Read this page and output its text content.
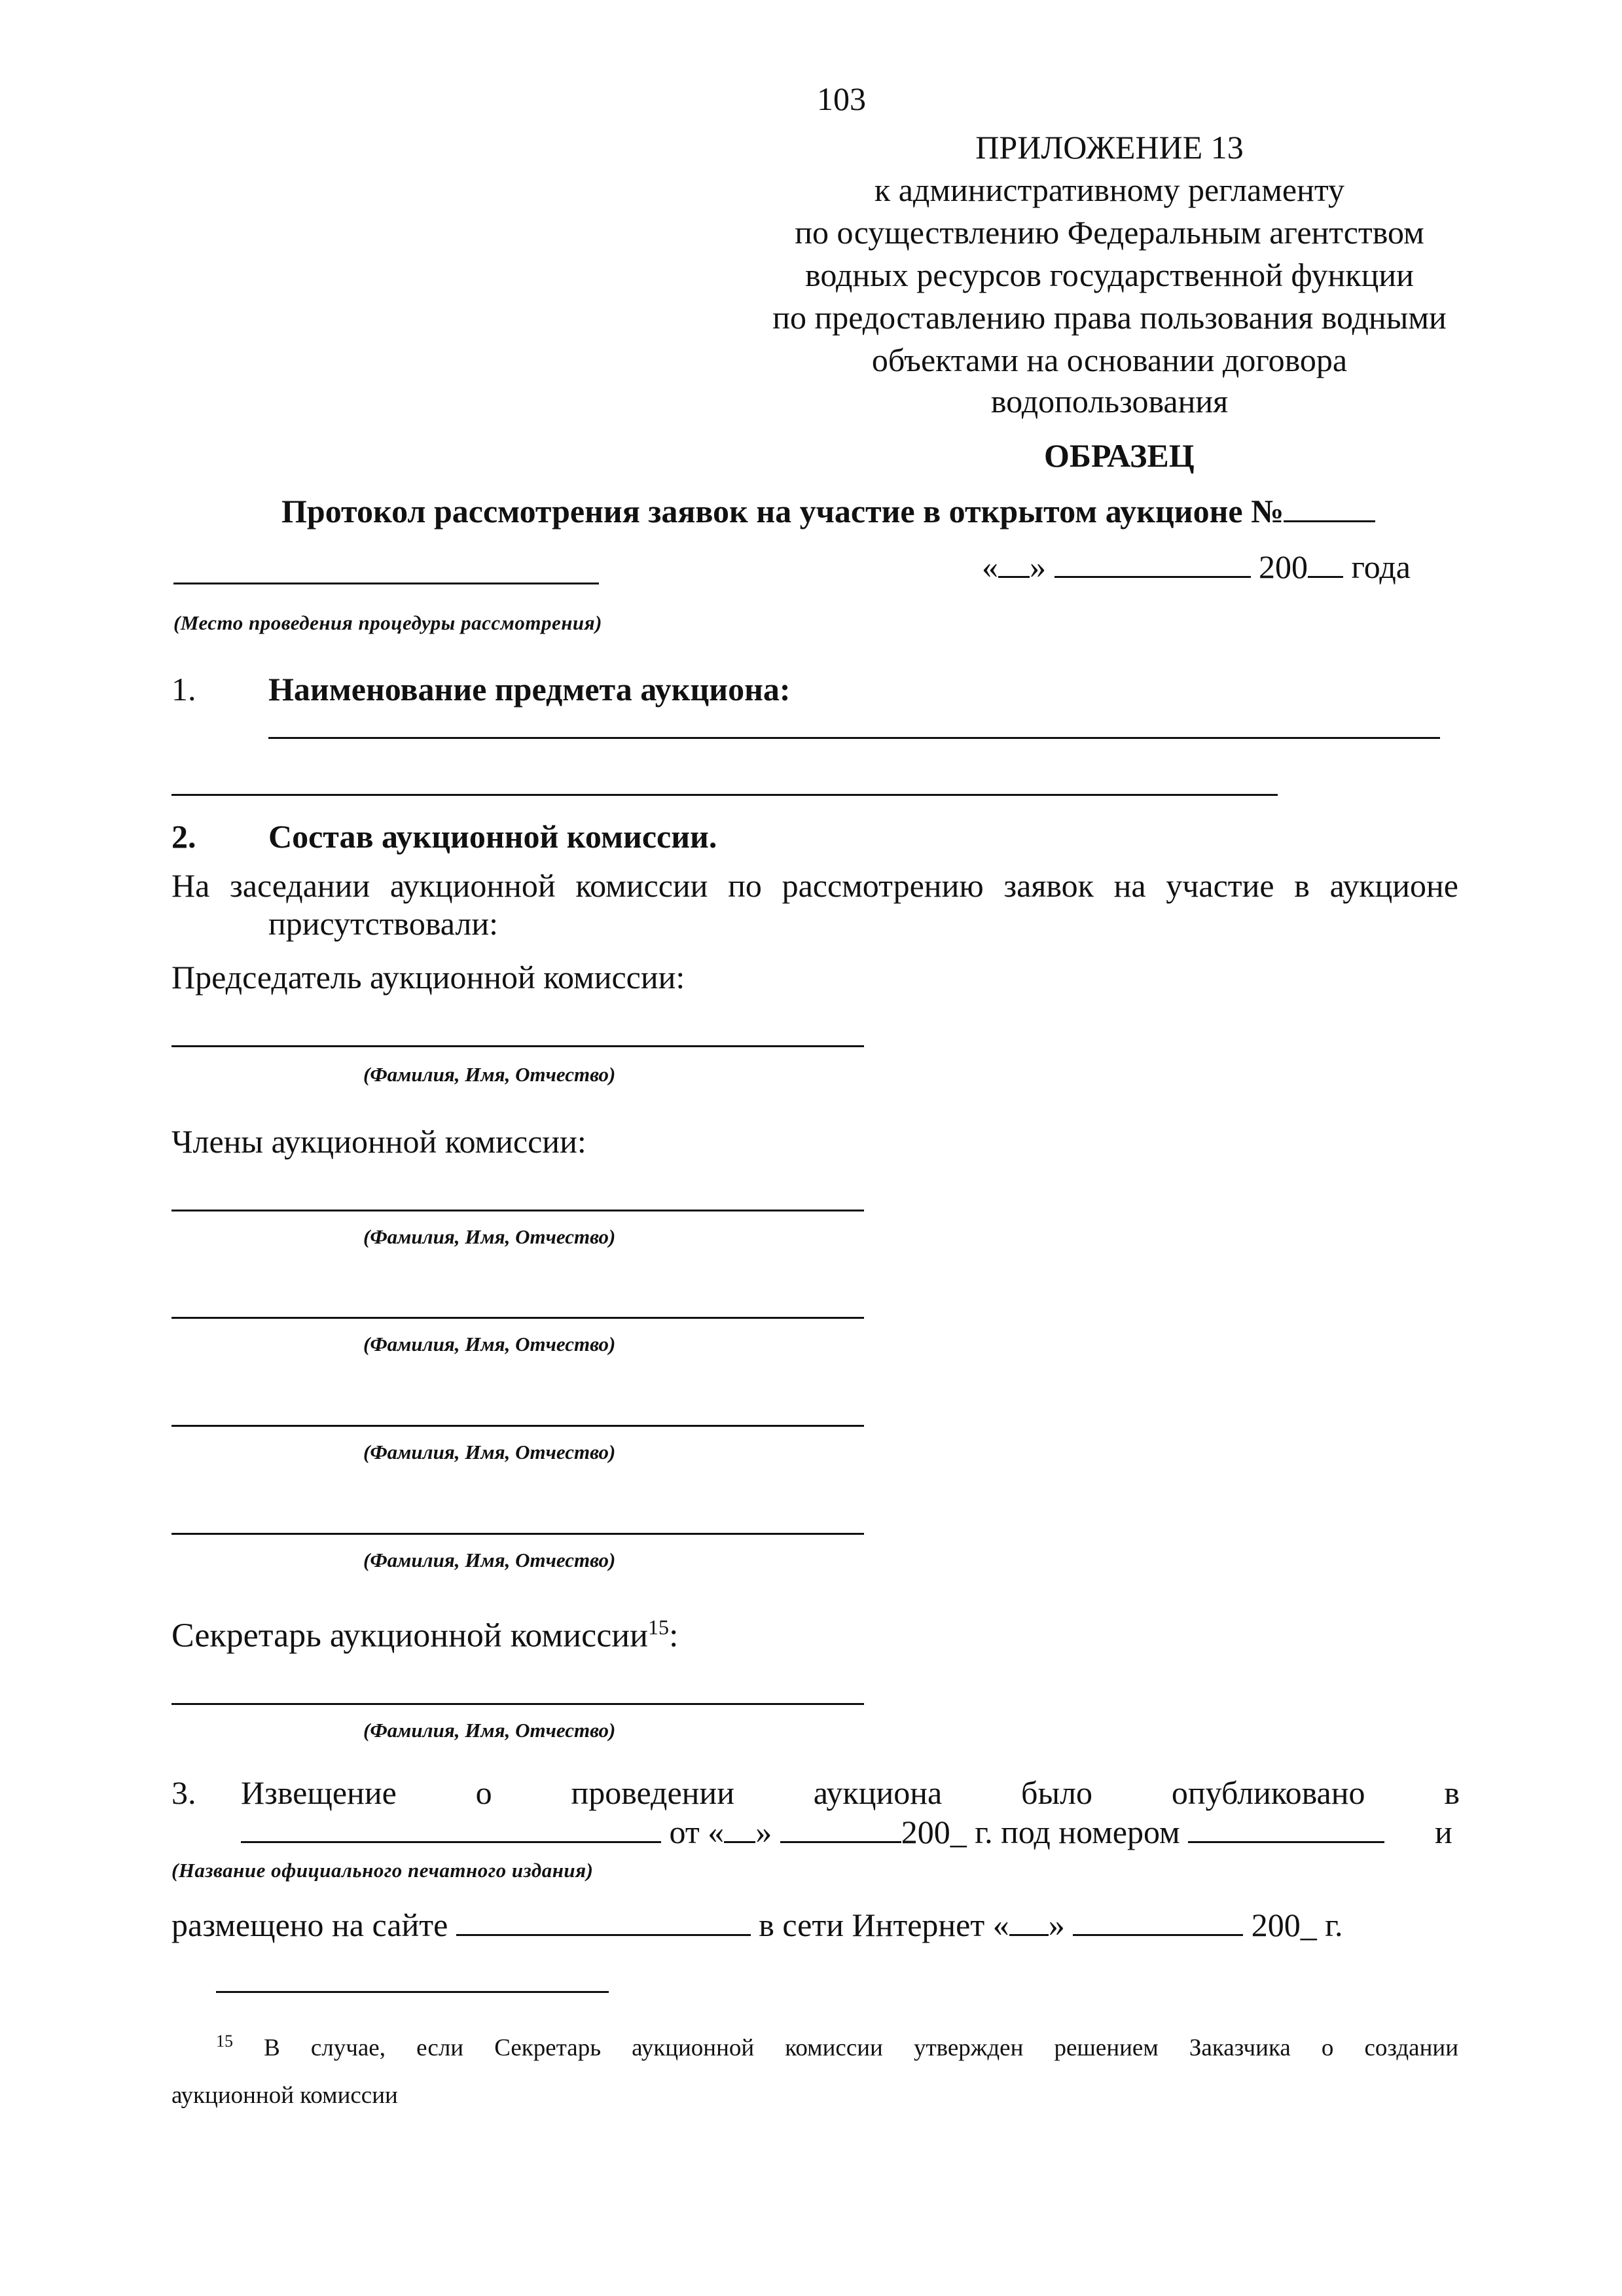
103
ПРИЛОЖЕНИЕ 13
к административному регламенту
по осуществлению Федеральным агентством
водных ресурсов государственной функции
по предоставлению права пользования водными
объектами на основании договора
водопользования
ОБРАЗЕЦ
Протокол рассмотрения заявок на участие в открытом аукционе №
« »	200 года
(Место проведения процедуры рассмотрения)
1. Наименование предмета аукциона:
2. Состав аукционной комиссии.
На заседании аукционной комиссии по рассмотрению заявок на участие в аукционе
присутствовали:
Председатель аукционной комиссии:
(Фамилия, Имя, Отчество)
Члены аукционной комиссии:
(Фамилия, Имя, Отчество)
(Фамилия, Имя, Отчество)
(Фамилия, Имя, Отчество)
(Фамилия, Имя, Отчество)
Секретарь аукционной комиссии$^{15}$:
(Фамилия, Имя, Отчество)
3. Извещение о проведении аукциона было опубликовано в
от « »	200_ г. под номером	и
(Название официального печатного издания)
размещено на сайте	в сети Интернет « »	200_ г.
$^{15}$ В случае, если Секретарь аукционной комиссии утвержден решением Заказчика о создании
аукционной комиссии
